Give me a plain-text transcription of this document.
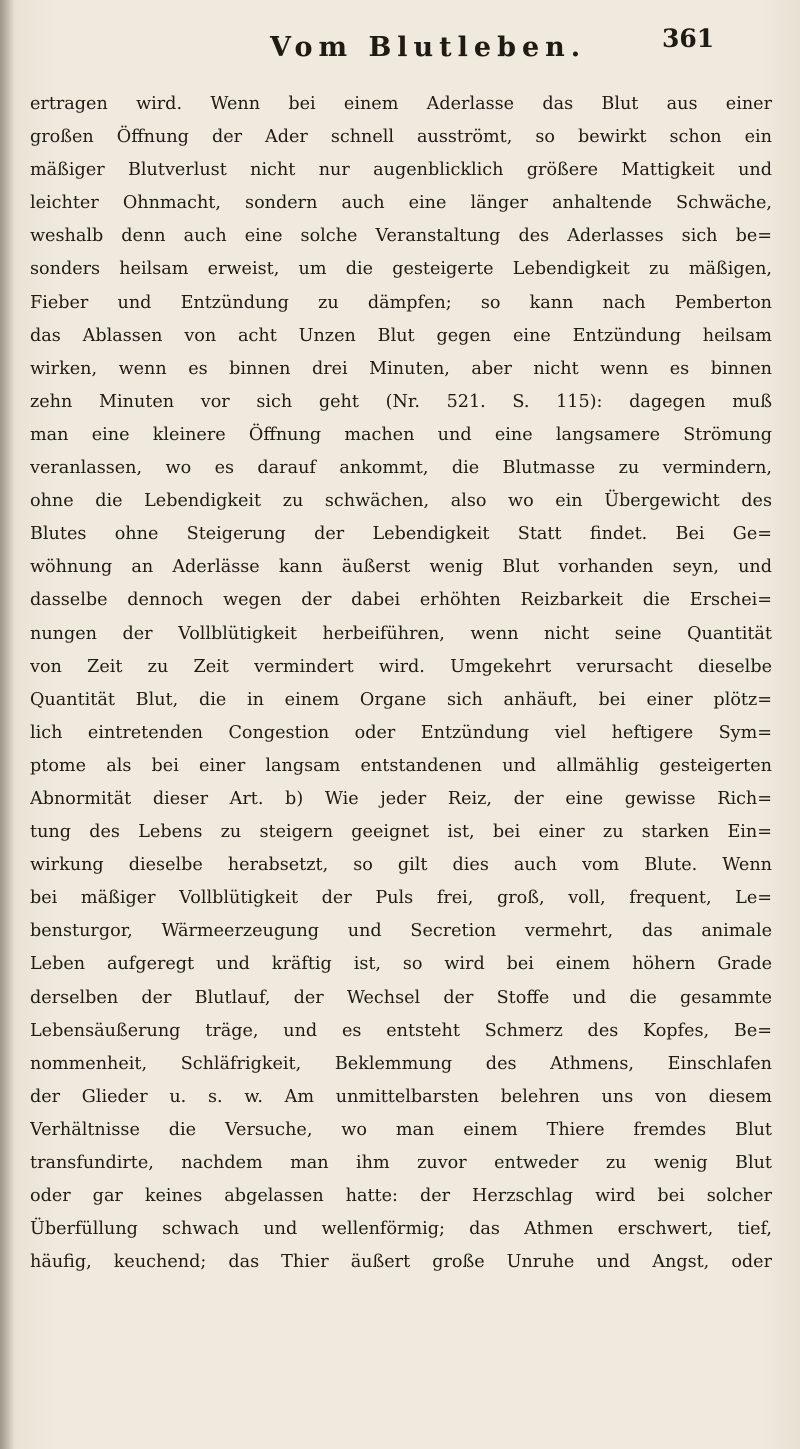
Vom Blutleben.	361
ertragen wird. Wenn bei einem Aderlasse das Blut aus einer
großen Öffnung der Ader schnell ausströmt, so bewirkt schon ein
mäßiger Blutverlust nicht nur augenblicklich größere Mattigkeit und
leichter Ohnmacht, sondern auch eine länger anhaltende Schwäche,
weshalb denn auch eine solche Veranstaltung des Aderlasses sich be=
sonders heilsam erweist, um die gesteigerte Lebendigkeit zu mäßigen,
Fieber und Entzündung zu dämpfen; so kann nach Pemberton
das Ablassen von acht Unzen Blut gegen eine Entzündung heilsam
wirken, wenn es binnen drei Minuten, aber nicht wenn es binnen
zehn Minuten vor sich geht (Nr. 521. S. 115): dagegen muß
man eine kleinere Öffnung machen und eine langsamere Strömung
veranlassen, wo es darauf ankommt, die Blutmasse zu vermindern,
ohne die Lebendigkeit zu schwächen, also wo ein Übergewicht des
Blutes ohne Steigerung der Lebendigkeit Statt findet. Bei Ge=
wöhnung an Aderlässe kann äußerst wenig Blut vorhanden seyn, und
dasselbe dennoch wegen der dabei erhöhten Reizbarkeit die Erschei=
nungen der Vollblütigkeit herbeiführen, wenn nicht seine Quantität
von Zeit zu Zeit vermindert wird. Umgekehrt verursacht dieselbe
Quantität Blut, die in einem Organe sich anhäuft, bei einer plötz=
lich eintretenden Congestion oder Entzündung viel heftigere Sym=
ptome als bei einer langsam entstandenen und allmählig gesteigerten
Abnormität dieser Art. b) Wie jeder Reiz, der eine gewisse Rich=
tung des Lebens zu steigern geeignet ist, bei einer zu starken Ein=
wirkung dieselbe herabsetzt, so gilt dies auch vom Blute. Wenn
bei mäßiger Vollblütigkeit der Puls frei, groß, voll, frequent, Le=
bensturgor, Wärmeerzeugung und Secretion vermehrt, das animale
Leben aufgeregt und kräftig ist, so wird bei einem höhern Grade
derselben der Blutlauf, der Wechsel der Stoffe und die gesammte
Lebensäußerung träge, und es entsteht Schmerz des Kopfes, Be=
nommenheit, Schläfrigkeit, Beklemmung des Athmens, Einschlafen
der Glieder u. s. w. Am unmittelbarsten belehren uns von diesem
Verhältnisse die Versuche, wo man einem Thiere fremdes Blut
transfundirte, nachdem man ihm zuvor entweder zu wenig Blut
oder gar keines abgelassen hatte: der Herzschlag wird bei solcher
Überfüllung schwach und wellenförmig; das Athmen erschwert, tief,
häufig, keuchend; das Thier äußert große Unruhe und Angst, oder
